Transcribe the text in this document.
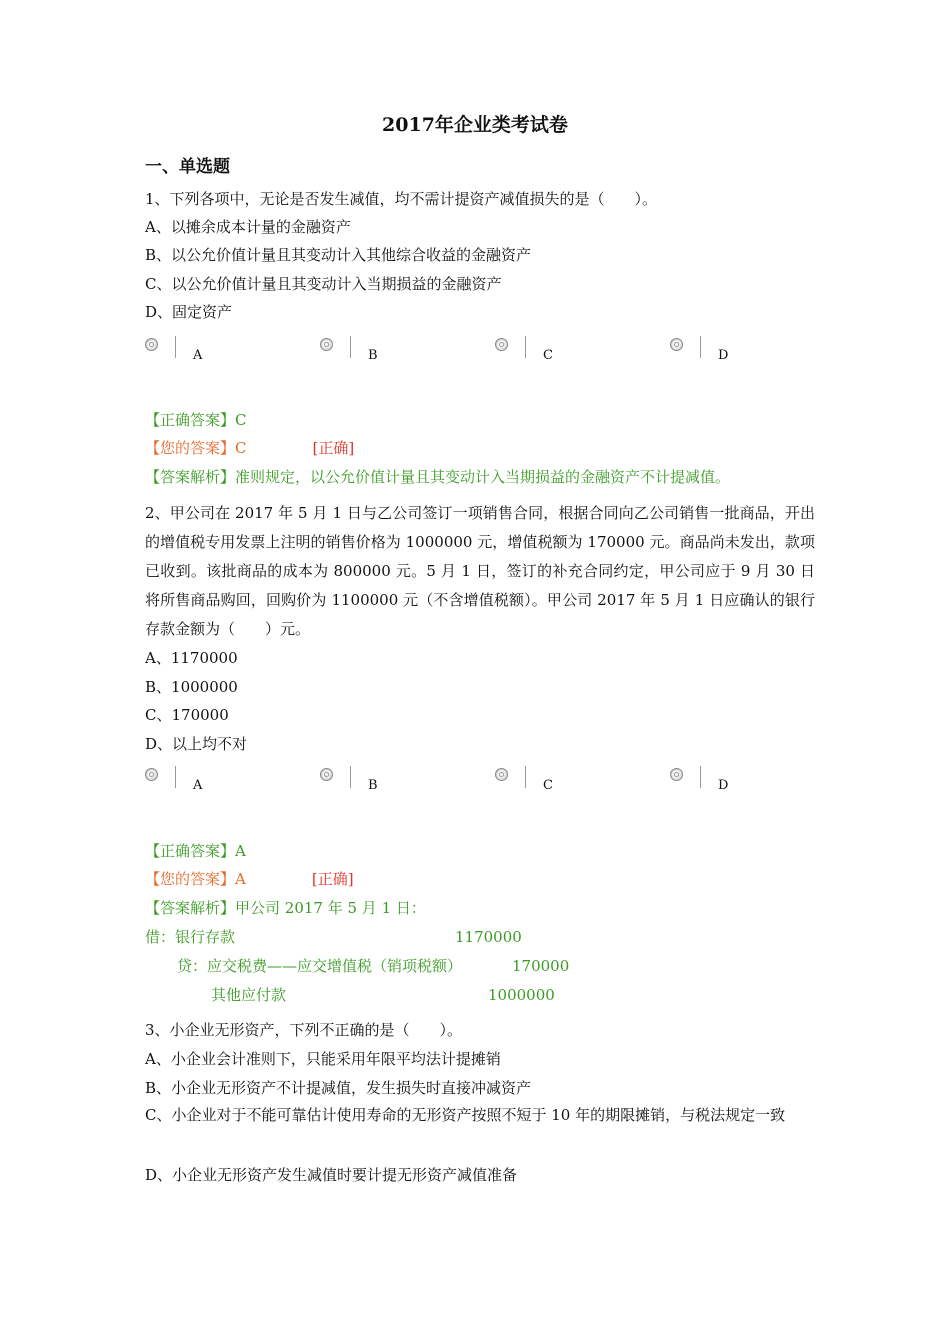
2017年企业类考试卷
一、单选题
1、下列各项中，无论是否发生减值，均不需计提资产减值损失的是（　　）。
A、以摊余成本计量的金融资产
B、以公允价值计量且其变动计入其他综合收益的金融资产
C、以公允价值计量且其变动计入当期损益的金融资产
D、固定资产
A	B	C	D
【正确答案】C
【您的答案】C	[正确]
【答案解析】准则规定，以公允价值计量且其变动计入当期损益的金融资产不计提减值。
2、甲公司在 2017 年 5 月 1 日与乙公司签订一项销售合同，根据合同向乙公司销售一批商品，开出的增值税专用发票上注明的销售价格为 1000000 元，增值税额为 170000 元。商品尚未发出，款项已收到。该批商品的成本为 800000 元。5 月 1 日，签订的补充合同约定，甲公司应于 9 月 30 日将所售商品购回，回购价为 1100000 元（不含增值税额）。甲公司 2017 年 5 月 1 日应确认的银行存款金额为（　　）元。
A、1170000
B、1000000
C、170000
D、以上均不对
A	B	C	D
【正确答案】A
【您的答案】A	[正确]
【答案解析】甲公司 2017 年 5 月 1 日：
借：银行存款	1170000
贷：应交税费——应交增值税（销项税额）	170000
其他应付款	1000000
3、小企业无形资产，下列不正确的是（　　）。
A、小企业会计准则下，只能采用年限平均法计提摊销
B、小企业无形资产不计提减值，发生损失时直接冲减资产
C、小企业对于不能可靠估计使用寿命的无形资产按照不短于 10 年的期限摊销，与税法规定一致
D、小企业无形资产发生减值时要计提无形资产减值准备
